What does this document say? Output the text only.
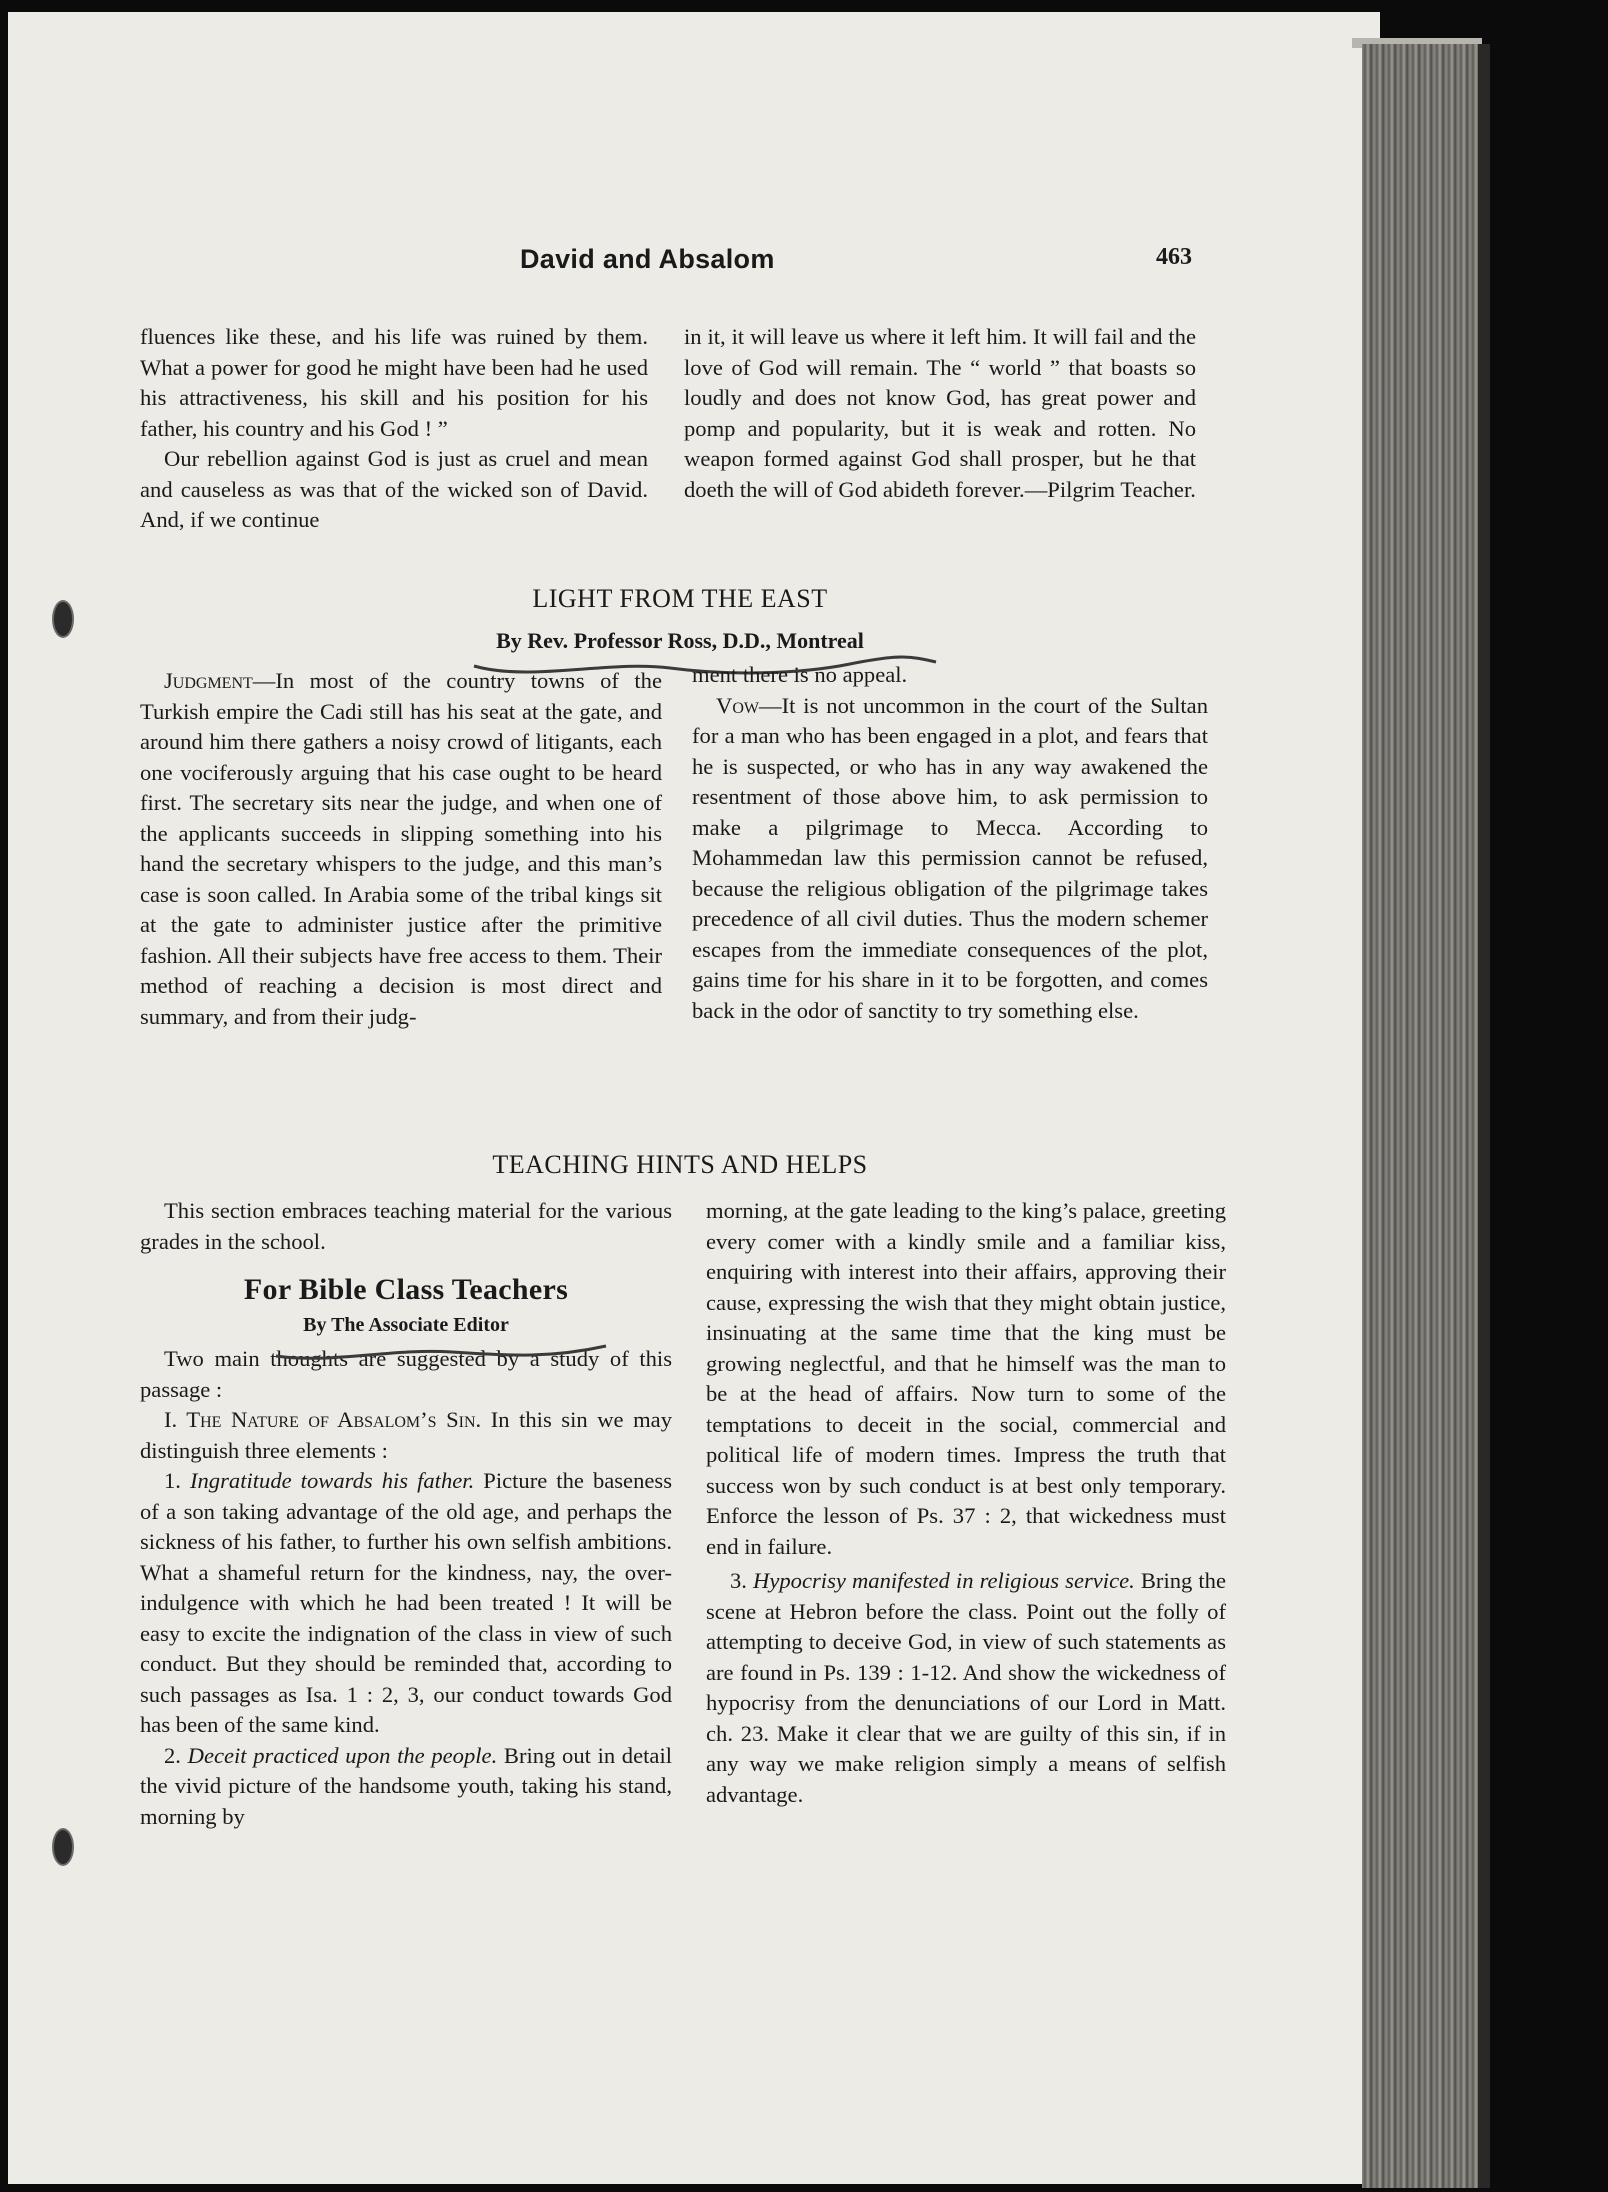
David and Absalom	463

fluences like these, and his life was ruined by them. What a power for good he might have been had he used his attractiveness, his skill and his position for his father, his country and his God ! ”

Our rebellion against God is just as cruel and mean and causeless as was that of the wicked son of David. And, if we continue

in it, it will leave us where it left him. It will fail and the love of God will remain. The “ world ” that boasts so loudly and does not know God, has great power and pomp and popularity, but it is weak and rotten. No weapon formed against God shall prosper, but he that doeth the will of God abideth forever.—Pilgrim Teacher.

LIGHT FROM THE EAST
By Rev. Professor Ross, D.D., Montreal

Judgment—In most of the country towns of the Turkish empire the Cadi still has his seat at the gate, and around him there gathers a noisy crowd of litigants, each one vociferously arguing that his case ought to be heard first. The secretary sits near the judge, and when one of the applicants succeeds in slipping something into his hand the secretary whispers to the judge, and this man’s case is soon called. In Arabia some of the tribal kings sit at the gate to administer justice after the primitive fashion. All their subjects have free access to them. Their method of reaching a decision is most direct and summary, and from their judg-

ment there is no appeal.

Vow—It is not uncommon in the court of the Sultan for a man who has been engaged in a plot, and fears that he is suspected, or who has in any way awakened the resentment of those above him, to ask permission to make a pilgrimage to Mecca. According to Mohammedan law this permission cannot be refused, because the religious obligation of the pilgrimage takes precedence of all civil duties. Thus the modern schemer escapes from the immediate consequences of the plot, gains time for his share in it to be forgotten, and comes back in the odor of sanctity to try something else.

TEACHING HINTS AND HELPS

This section embraces teaching material for the various grades in the school.

For Bible Class Teachers
By The Associate Editor

Two main thoughts are suggested by a study of this passage :

I. The Nature of Absalom’s Sin. In this sin we may distinguish three elements :

1. Ingratitude towards his father. Picture the baseness of a son taking advantage of the old age, and perhaps the sickness of his father, to further his own selfish ambitions. What a shameful return for the kindness, nay, the over-indulgence with which he had been treated ! It will be easy to excite the indignation of the class in view of such conduct. But they should be reminded that, according to such passages as Isa. 1 : 2, 3, our conduct towards God has been of the same kind.

2. Deceit practiced upon the people. Bring out in detail the vivid picture of the handsome youth, taking his stand, morning by

morning, at the gate leading to the king’s palace, greeting every comer with a kindly smile and a familiar kiss, enquiring with interest into their affairs, approving their cause, expressing the wish that they might obtain justice, insinuating at the same time that the king must be growing neglectful, and that he himself was the man to be at the head of affairs. Now turn to some of the temptations to deceit in the social, commercial and political life of modern times. Impress the truth that success won by such conduct is at best only temporary. Enforce the lesson of Ps. 37 : 2, that wickedness must end in failure.

3. Hypocrisy manifested in religious service. Bring the scene at Hebron before the class. Point out the folly of attempting to deceive God, in view of such statements as are found in Ps. 139 : 1-12. And show the wickedness of hypocrisy from the denunciations of our Lord in Matt. ch. 23. Make it clear that we are guilty of this sin, if in any way we make religion simply a means of selfish advantage.
